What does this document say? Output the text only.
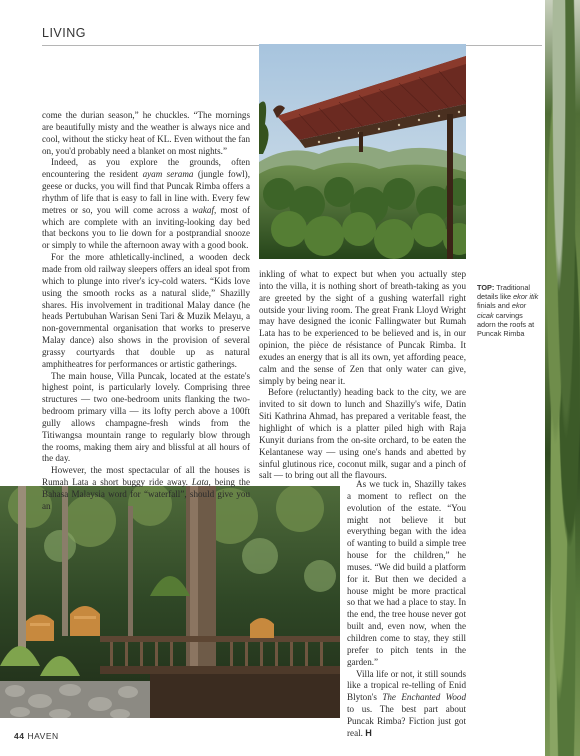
LIVING

come the durian season,” he chuckles. “The mornings are beautifully misty and the weather is always nice and cool, without the sticky heat of KL. Even without the fan on, you'd probably need a blanket on most nights.”

Indeed, as you explore the grounds, often encountering the resident ayam serama (jungle fowl), geese or ducks, you will find that Puncak Rimba offers a rhythm of life that is easy to fall in line with. Every few metres or so, you will come across a wakaf, most of which are complete with an inviting-looking day bed that beckons you to lie down for a postprandial snooze or simply to while the afternoon away with a good book.

For the more athletically-inclined, a wooden deck made from old railway sleepers offers an ideal spot from which to plunge into river's icy-cold waters. “Kids love using the smooth rocks as a natural slide,” Shazilly shares. His involvement in traditional Malay dance (he heads Pertubuhan Warisan Seni Tari & Muzik Melayu, a non-governmental organisation that works to preserve Malay dance) also shows in the provision of several grassy courtyards that double up as natural amphitheatres for performances or artistic gatherings.

The main house, Villa Puncak, located at the estate's highest point, is particularly lovely. Comprising three structures — two one-bedroom units flanking the two-bedroom primary villa — its lofty perch above a 100ft gully allows champagne-fresh winds from the Titiwangsa mountain range to regularly blow through the rooms, making them airy and blissful at all hours of the day.

However, the most spectacular of all the houses is Rumah Lata a short buggy ride away. Lata, being the Bahasa Malaysia word for “waterfall”, should give you an

inkling of what to expect but when you actually step into the villa, it is nothing short of breath-taking as you are greeted by the sight of a gushing waterfall right outside your living room. The great Frank Lloyd Wright may have designed the iconic Fallingwater but Rumah Lata has to be experienced to be believed and is, in our opinion, the pièce de résistance of Puncak Rimba. It exudes an energy that is all its own, yet affording peace, calm and the sense of Zen that only water can give, simply by being near it.

Before (reluctantly) heading back to the city, we are invited to sit down to lunch and Shazilly's wife, Datin Siti Kathrina Ahmad, has prepared a veritable feast, the highlight of which is a platter piled high with Raja Kunyit durians from the on-site orchard, to be eaten the Kelantanese way — using one's hands and abetted by sinful glutinous rice, coconut milk, sugar and a pinch of salt — to bring out all the flavours.

As we tuck in, Shazilly takes a moment to reflect on the evolution of the estate. “You might not believe it but everything began with the idea of wanting to build a simple tree house for the children,” he muses. “We did build a platform for it. But then we decided a house might be more practical so that we had a place to stay. In the end, the tree house never got built and, even now, when the children come to stay, they still prefer to pitch tents in the garden.”

Villa life or not, it still sounds like a tropical re-telling of Enid Blyton's The Enchanted Wood to us. The best part about Puncak Rimba? Fiction just got real. H

TOP: Traditional details like ekor itik finials and ekor cicak carvings adorn the roofs at Puncak Rimba
44 HAVEN
